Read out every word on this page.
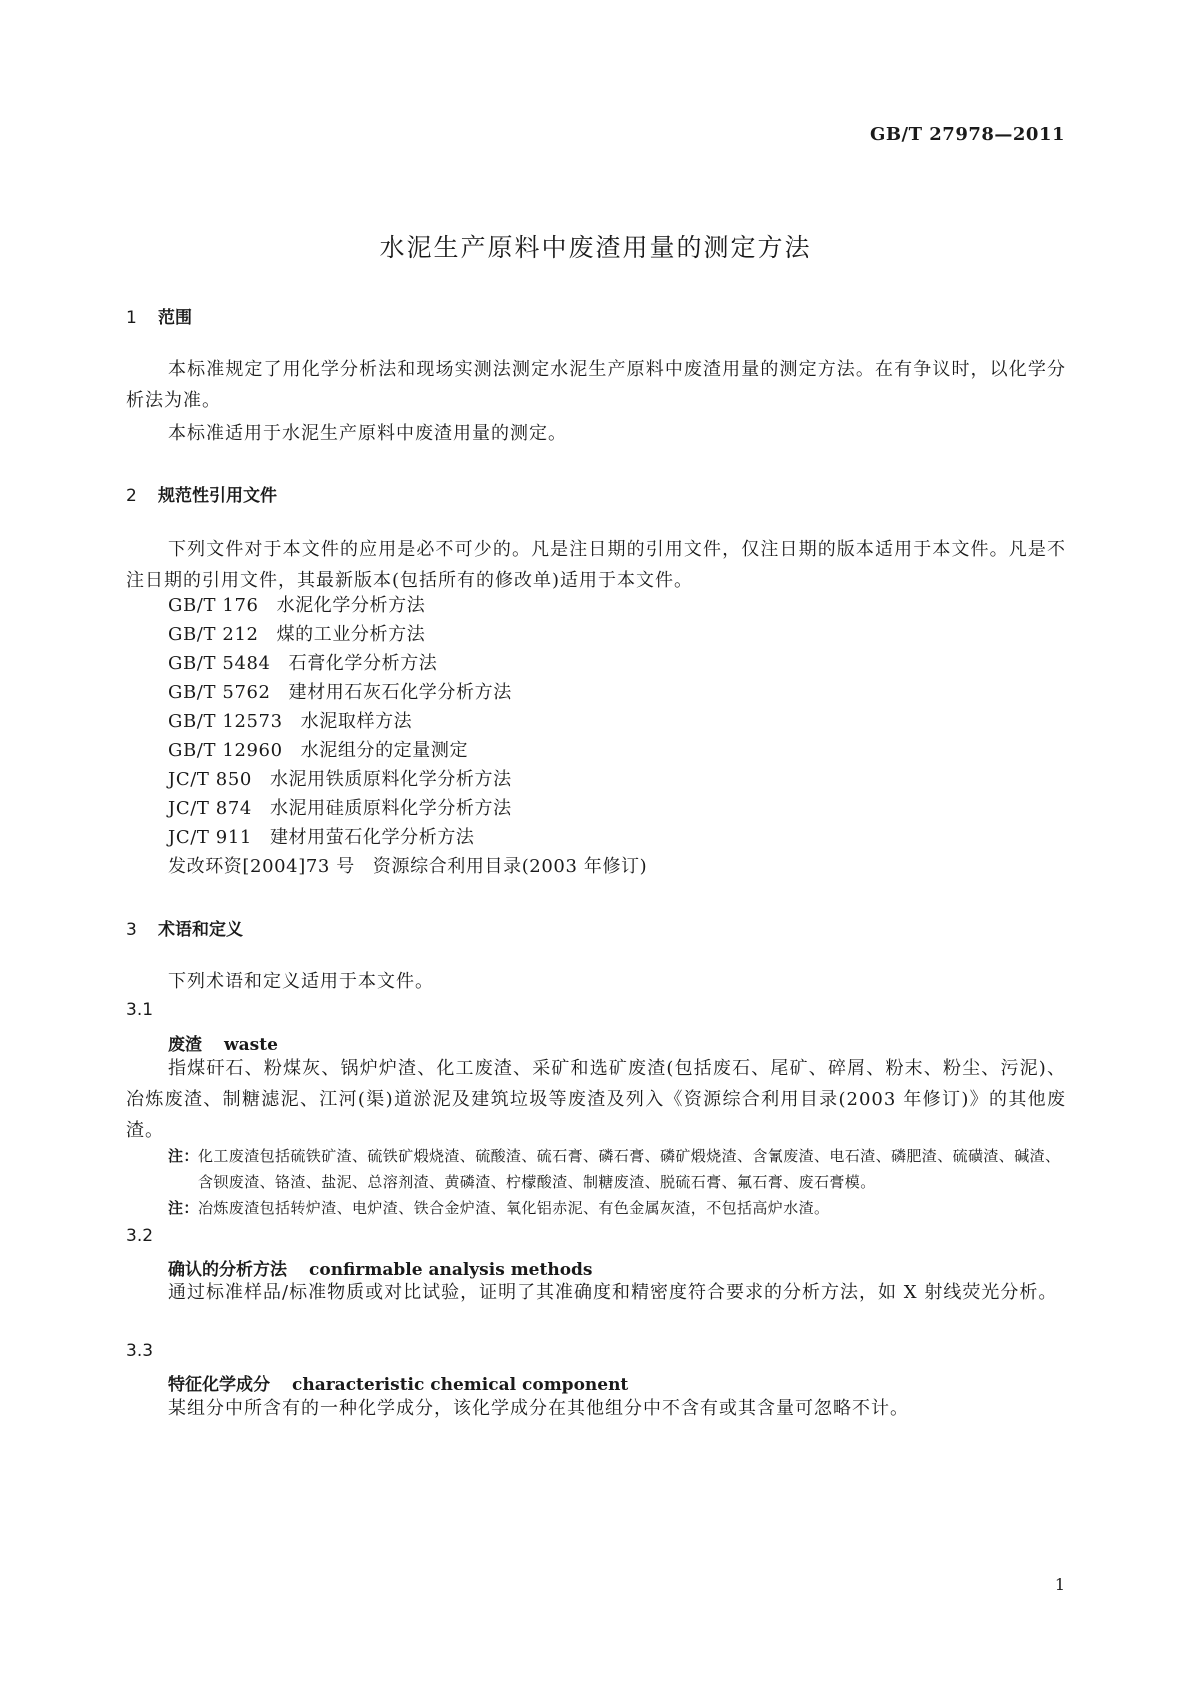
GB/T 27978—2011
水泥生产原料中废渣用量的测定方法
1 范围
本标准规定了用化学分析法和现场实测法测定水泥生产原料中废渣用量的测定方法。在有争议时，以化学分析法为准。
本标准适用于水泥生产原料中废渣用量的测定。
2 规范性引用文件
下列文件对于本文件的应用是必不可少的。凡是注日期的引用文件，仅注日期的版本适用于本文件。凡是不注日期的引用文件，其最新版本(包括所有的修改单)适用于本文件。
GB/T 176 水泥化学分析方法
GB/T 212 煤的工业分析方法
GB/T 5484 石膏化学分析方法
GB/T 5762 建材用石灰石化学分析方法
GB/T 12573 水泥取样方法
GB/T 12960 水泥组分的定量测定
JC/T 850 水泥用铁质原料化学分析方法
JC/T 874 水泥用硅质原料化学分析方法
JC/T 911 建材用萤石化学分析方法
发改环资[2004]73 号 资源综合利用目录(2003 年修订)
3 术语和定义
下列术语和定义适用于本文件。
3.1
废渣 waste
指煤矸石、粉煤灰、锅炉炉渣、化工废渣、采矿和选矿废渣(包括废石、尾矿、碎屑、粉末、粉尘、污泥)、冶炼废渣、制糖滤泥、江河(渠)道淤泥及建筑垃圾等废渣及列入《资源综合利用目录(2003 年修订)》的其他废渣。
注： 化工废渣包括硫铁矿渣、硫铁矿煅烧渣、硫酸渣、硫石膏、磷石膏、磷矿煅烧渣、含氰废渣、电石渣、磷肥渣、硫磺渣、碱渣、含钡废渣、铬渣、盐泥、总溶剂渣、黄磷渣、柠檬酸渣、制糖废渣、脱硫石膏、氟石膏、废石膏模。
注： 冶炼废渣包括转炉渣、电炉渣、铁合金炉渣、氧化铝赤泥、有色金属灰渣，不包括高炉水渣。
3.2
确认的分析方法 confirmable analysis methods
通过标准样品/标准物质或对比试验，证明了其准确度和精密度符合要求的分析方法，如 X 射线荧光分析。
3.3
特征化学成分 characteristic chemical component
某组分中所含有的一种化学成分，该化学成分在其他组分中不含有或其含量可忽略不计。
1
